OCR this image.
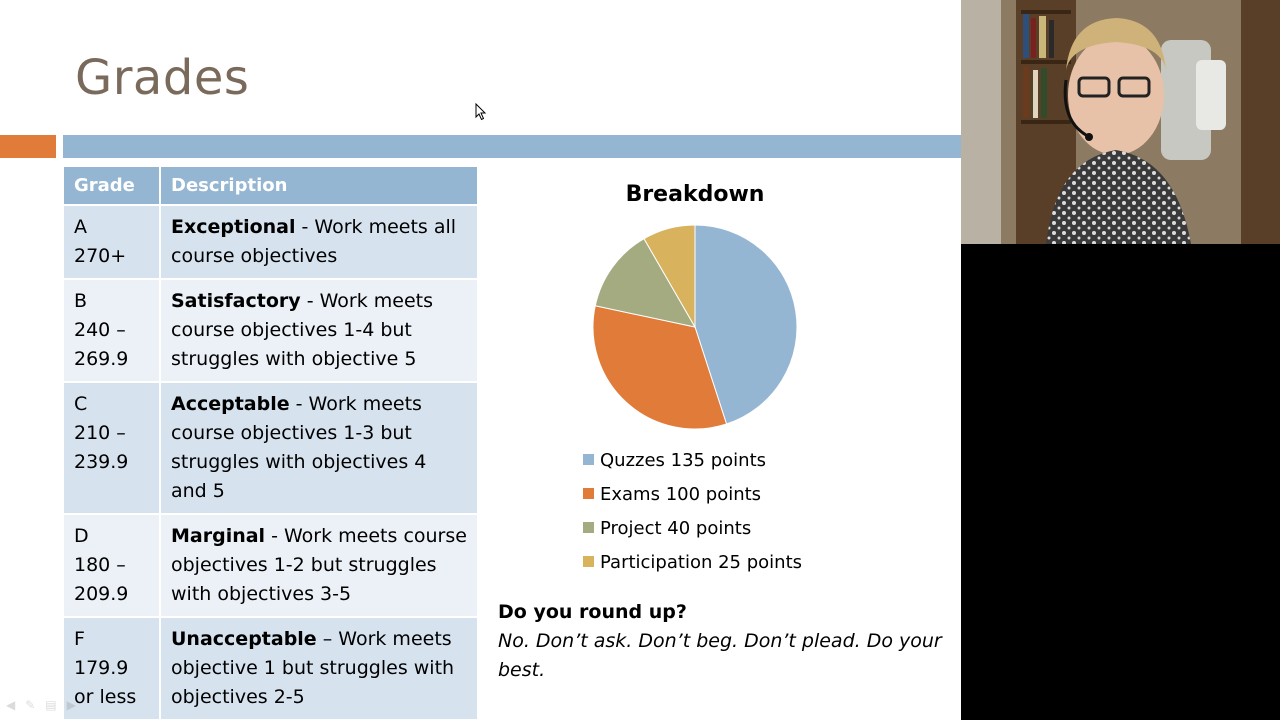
Grades
Grade	Description

A
270+	Exceptional - Work meets all
course objectives

B
240 –
269.9	Satisfactory - Work meets
course objectives 1-4 but
struggles with objective 5

C
210 –
239.9	Acceptable - Work meets
course objectives 1-3 but
struggles with objectives 4
and 5

D
180 –
209.9	Marginal - Work meets course
objectives 1-2 but struggles
with objectives 3-5

F
179.9
or less	Unacceptable – Work meets
objective 1 but struggles with
objectives 2-5
Breakdown
Quzzes 135 points
Exams 100 points
Project 40 points
Participation 25 points
Do you round up?
No. Don’t ask. Don’t beg. Don’t plead. Do your best.
◀ ✎ ▤ ▶
